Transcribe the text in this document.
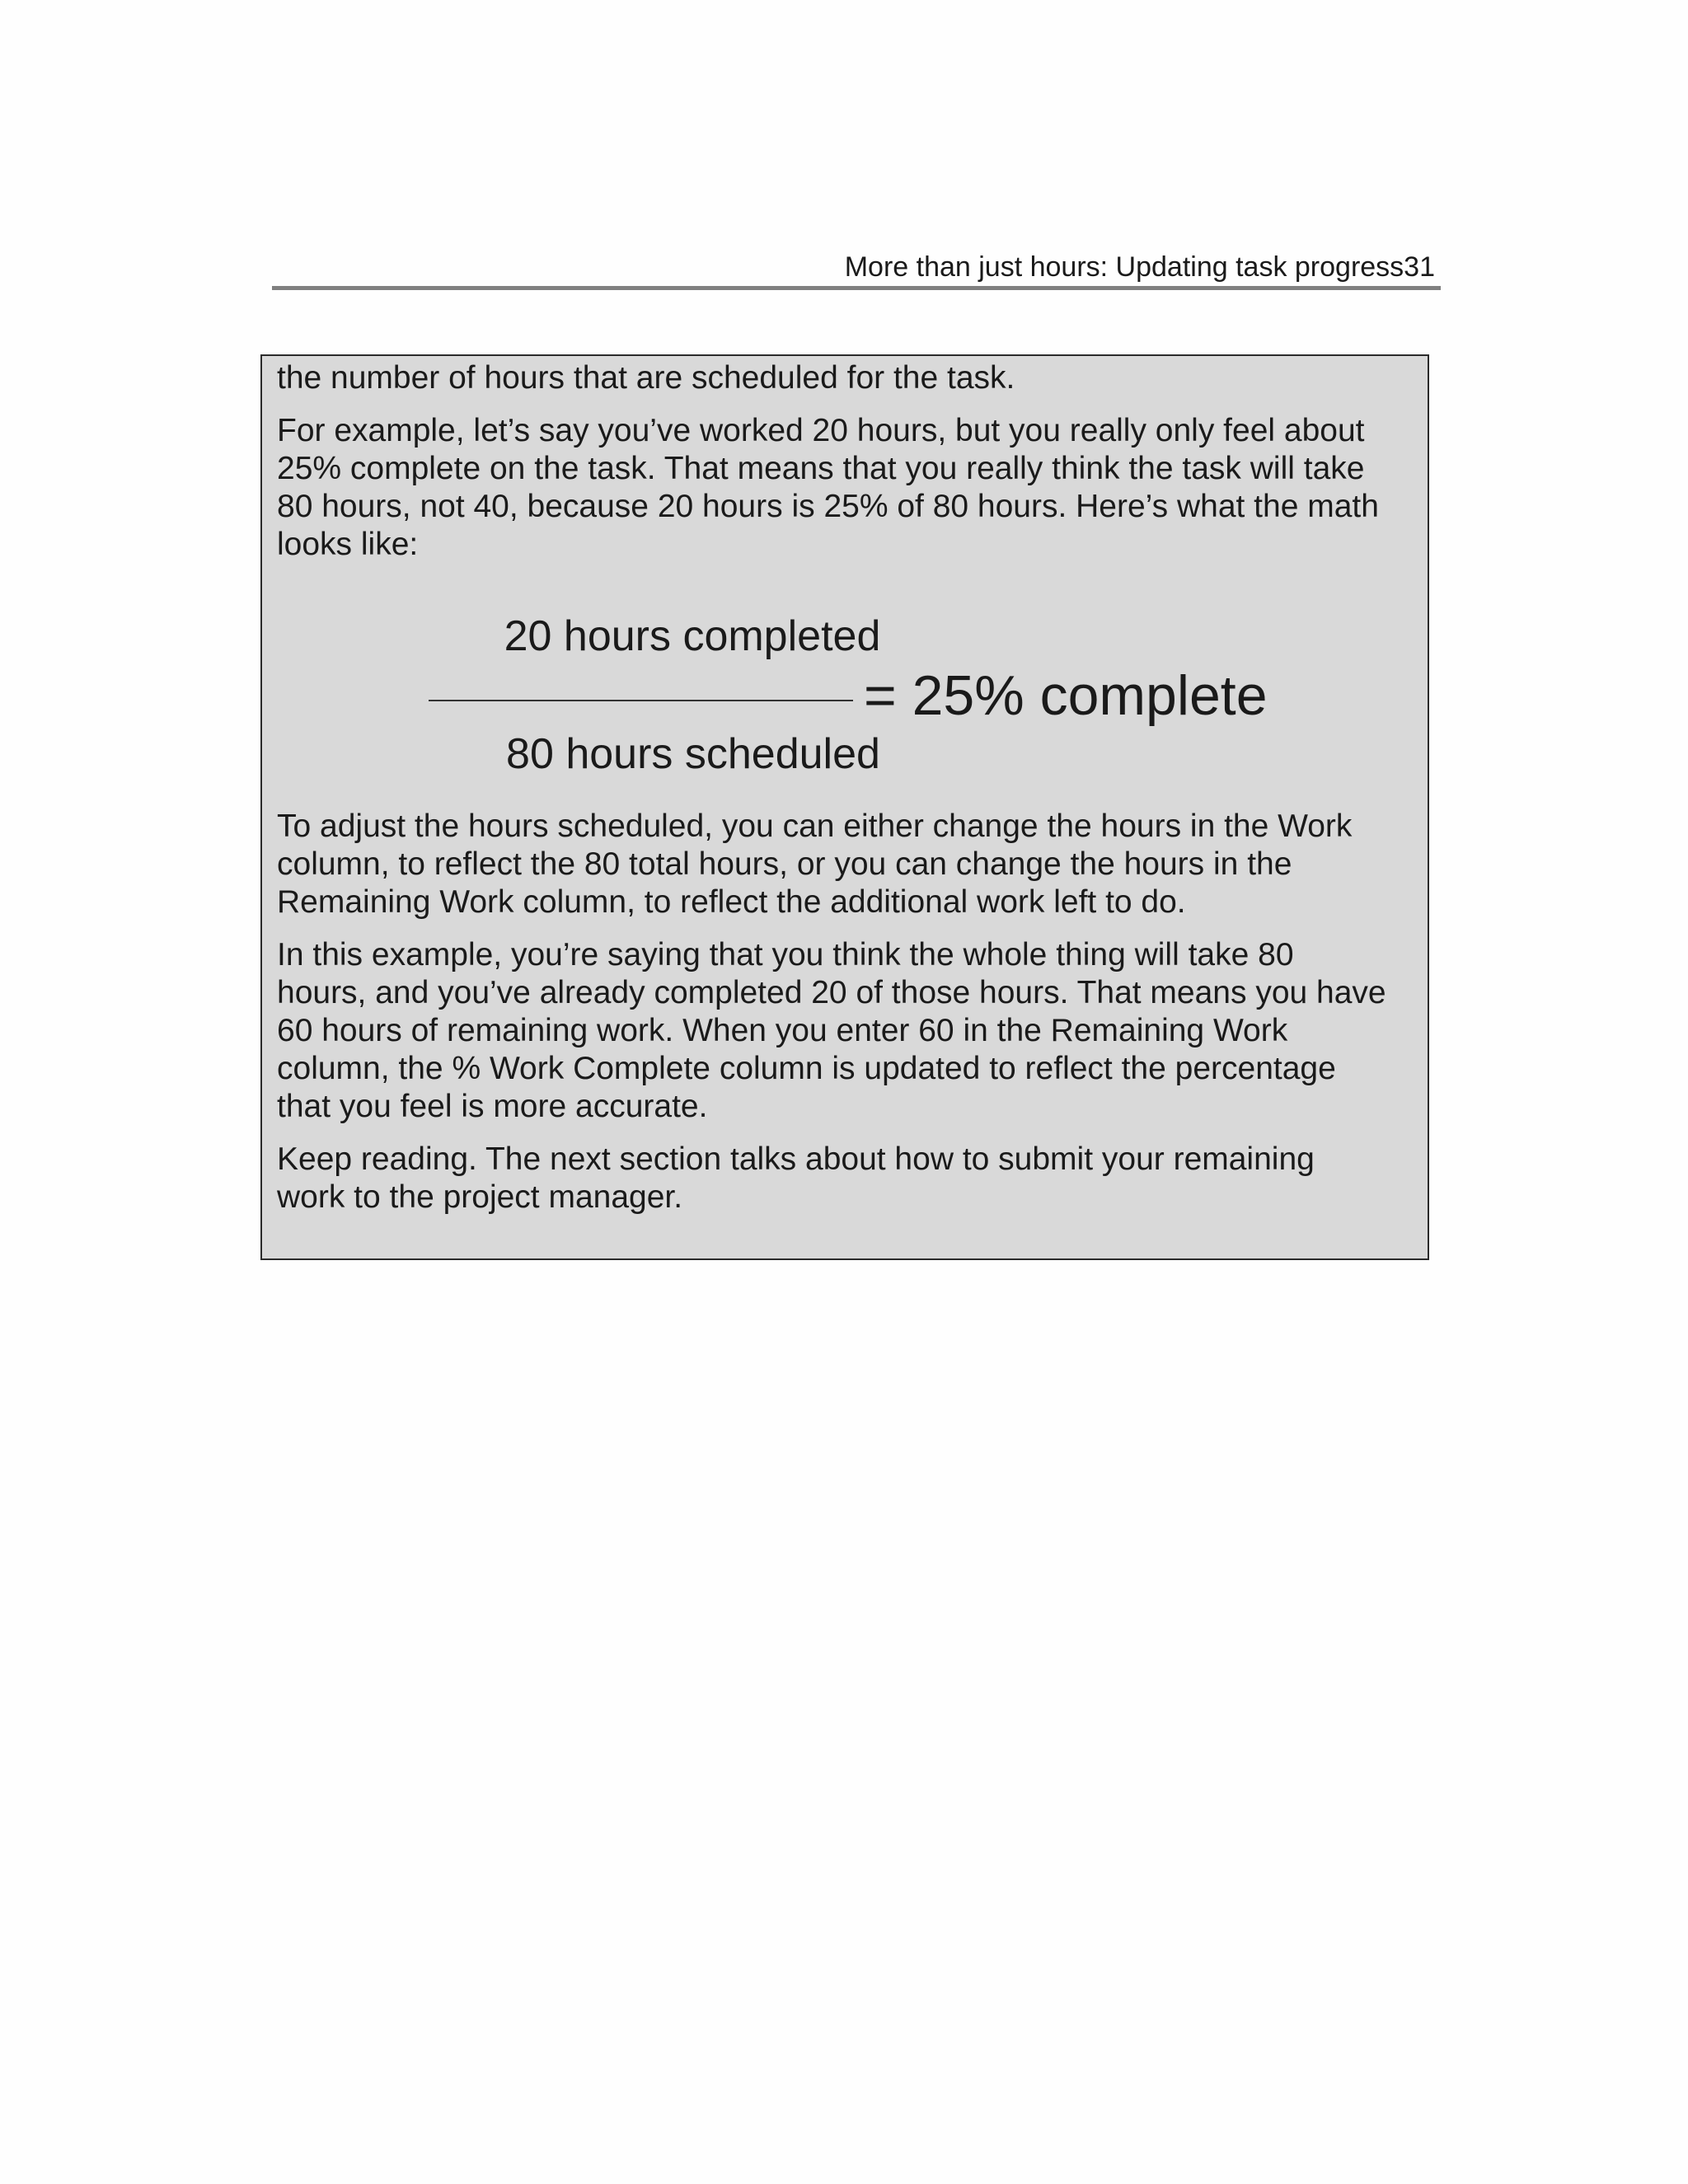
More than just hours: Updating task progress31

the number of hours that are scheduled for the task.

For example, let’s say you’ve worked 20 hours, but you really only feel about
25% complete on the task. That means that you really think the task will take
80 hours, not 40, because 20 hours is 25% of 80 hours. Here’s what the math
looks like:

20 hours completed
80 hours scheduled
= 25% complete

To adjust the hours scheduled, you can either change the hours in the Work
column, to reflect the 80 total hours, or you can change the hours in the
Remaining Work column, to reflect the additional work left to do.

In this example, you’re saying that you think the whole thing will take 80
hours, and you’ve already completed 20 of those hours. That means you have
60 hours of remaining work. When you enter 60 in the Remaining Work
column, the % Work Complete column is updated to reflect the percentage
that you feel is more accurate.

Keep reading. The next section talks about how to submit your remaining
work to the project manager.
